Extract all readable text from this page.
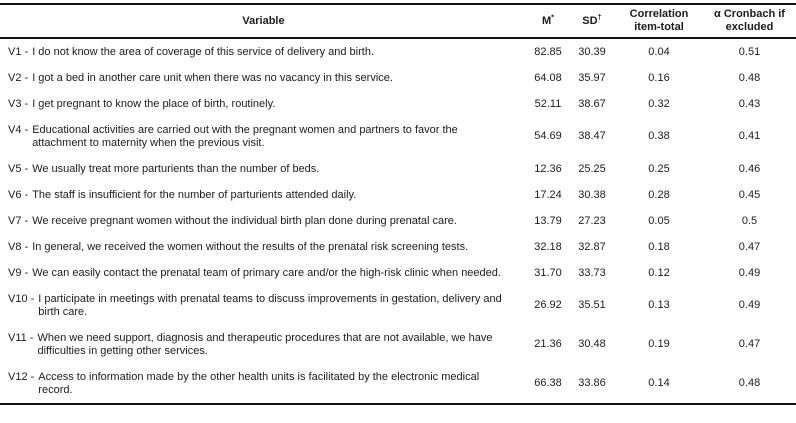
Variable	M*	SD†	Correlation item-total	α Cronbach if excluded

V1 - I do not know the area of coverage of this service of delivery and birth.	82.85	30.39	0.04	0.51

V2 - I got a bed in another care unit when there was no vacancy in this service.	64.08	35.97	0.16	0.48

V3 - I get pregnant to know the place of birth, routinely.	52.11	38.67	0.32	0.43

V4 - Educational activities are carried out with the pregnant women and partners to favor the attachment to maternity when the previous visit.	54.69	38.47	0.38	0.41

V5 - We usually treat more parturients than the number of beds.	12.36	25.25	0.25	0.46

V6 - The staff is insufficient for the number of parturients attended daily.	17.24	30.38	0.28	0.45

V7 - We receive pregnant women without the individual birth plan done during prenatal care.	13.79	27.23	0.05	0.5

V8 - In general, we received the women without the results of the prenatal risk screening tests.	32.18	32.87	0.18	0.47

V9 - We can easily contact the prenatal team of primary care and/or the high-risk clinic when needed.	31.70	33.73	0.12	0.49

V10 - I participate in meetings with prenatal teams to discuss improvements in gestation, delivery and birth care.	26.92	35.51	0.13	0.49

V11 - When we need support, diagnosis and therapeutic procedures that are not available, we have difficulties in getting other services.	21.36	30.48	0.19	0.47

V12 - Access to information made by the other health units is facilitated by the electronic medical record.	66.38	33.86	0.14	0.48
